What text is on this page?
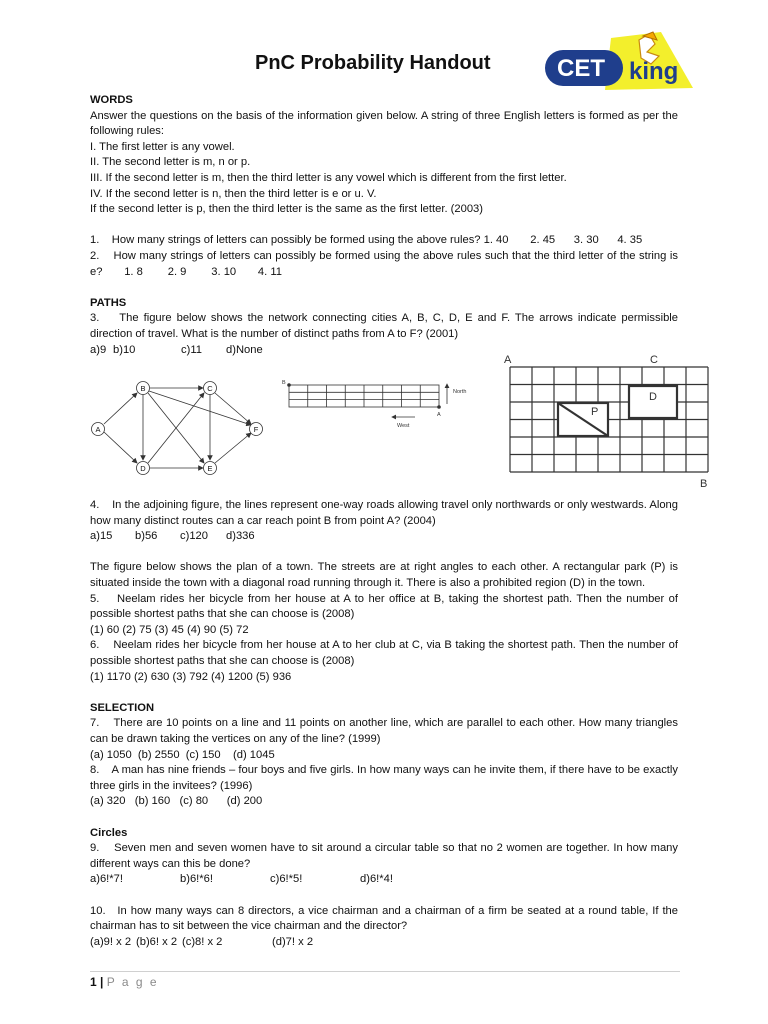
PnC Probability Handout	CET king

WORDS

Answer the questions on the basis of the information given below. A string of three English letters is formed as per the following rules:

I. The first letter is any vowel.

II. The second letter is m, n or p.

III. If the second letter is m, then the third letter is any vowel which is different from the first letter.

IV. If the second letter is n, then the third letter is e or u. V.

If the second letter is p, then the third letter is the same as the first letter. (2003)

1.    How many strings of letters can possibly be formed using the above rules? 1. 40       2. 45      3. 30      4. 35

2.    How many strings of letters can possibly be formed using the above rules such that the third letter of the string is e?       1. 8        2. 9        3. 10       4. 11

PATHS

3.    The figure below shows the network connecting cities A, B, C, D, E and F. The arrows indicate permissible direction of travel. What is the number of distinct paths from A to F? (2001)

a)9 b)10	c)11 d)None

4.    In the adjoining figure, the lines represent one-way roads allowing travel only northwards or only westwards. Along how many distinct routes can a car reach point B from point A? (2004)

a)15 b)56 c)120 d)336

The figure below shows the plan of a town. The streets are at right angles to each other. A rectangular park (P) is situated inside the town with a diagonal road running through it. There is also a prohibited region (D) in the town.

5.    Neelam rides her bicycle from her house at A to her office at B, taking the shortest path. Then the number of possible shortest paths that she can choose is (2008)

(1) 60 (2) 75 (3) 45 (4) 90 (5) 72

6.    Neelam rides her bicycle from her house at A to her club at C, via B taking the shortest path. Then the number of possible shortest paths that she can choose is (2008)

(1) 1170 (2) 630 (3) 792 (4) 1200 (5) 936

SELECTION

7.    There are 10 points on a line and 11 points on another line, which are parallel to each other. How many triangles can be drawn taking the vertices on any of the line? (1999)

(a) 1050  (b) 2550  (c) 150    (d) 1045

8.    A man has nine friends – four boys and five girls. In how many ways can he invite them, if there have to be exactly three girls in the invitees? (1996)

(a) 320   (b) 160   (c) 80      (d) 200

Circles

9.    Seven men and seven women have to sit around a circular table so that no 2 women are together. In how many different ways can this be done?

a)6!*7!	b)6!*6!	c)6!*5!	d)6!*4!

10.   In how many ways can 8 directors, a vice chairman and a chairman of a firm be seated at a round table, If the chairman has to sit between the vice chairman and the director?

(a)9! x 2 (b)6! x 2 (c)8! x 2	(d)7! x 2

A
B	C
D	E
F
A
B
North
West
A	C
B
D
P
1 | P a g e
